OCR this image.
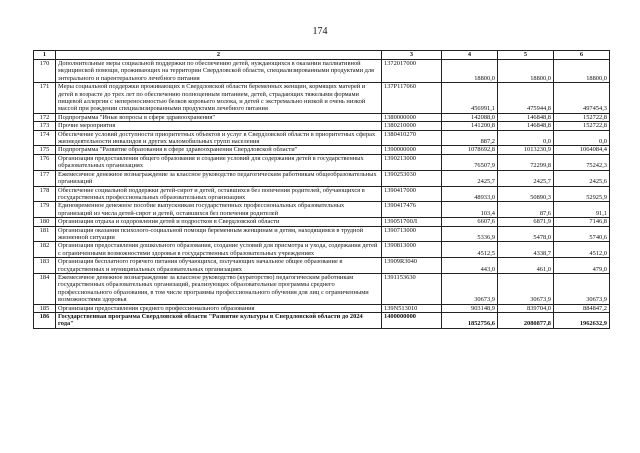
174
1	2	3	4	5	6
170	Дополнительные меры социальной поддержки по обеспечению детей, нуждающихся в оказании паллиативной медицинской помощи, проживающих на территории Свердловской области, специализированными продуктами для энтерального и парентерального лечебного питания	1372017000	18800,0	18800,0	18800,0
171	Меры социальной поддержки проживающих в Свердловской области беременных женщин, кормящих матерей и детей в возрасте до трех лет по обеспечению полноценным питанием, детей, страдающих тяжелыми формами пищевой аллергии с непереносимостью белков коровьего молока, и детей с экстремально низкой и очень низкой массой при рождении специализированными продуктами лечебного питания	137Р117060	456991,1	475944,8	497454,3
172	Подпрограмма "Иные вопросы в сфере здравоохранения"	1380000000	142088,0	146848,8	152722,8
173	Прочие мероприятия	1380210000	141200,8	146848,8	152722,8
174	Обеспечение условий доступности приоритетных объектов и услуг в Свердловской области в приоритетных сферах жизнедеятельности инвалидов и других маломобильных групп населения	1380410270	887,2	0,0	0,0
175	Подпрограмма "Развитие образования в сфере здравоохранения Свердловской области"	1390000000	1078692,8	1013230,9	1064084,4
176	Организация предоставления общего образования и создание условий для содержания детей в государственных образовательных организациях	1390213000	76507,9	72299,8	75242,3
177	Ежемесячное денежное вознаграждение за классное руководство педагогическим работникам общеобразовательных организаций	1390253030	2425,7	2425,7	2425,6
178	Обеспечение социальной поддержки детей-сирот и детей, оставшихся без попечения родителей, обучающихся в государственных профессиональных образовательных организациях	1390417000	48933,0	50890,3	52925,9
179	Единовременное денежное пособие выпускникам государственных профессиональных образовательных организаций из числа детей-сирот и детей, оставшихся без попечения родителей	1390417476	103,4	87,6	91,1
180	Организация отдыха и оздоровления детей и подростков в Свердловской области	139051700Л	6607,6	6871,9	7146,8
181	Организация оказания психолого-социальной помощи беременным женщинам и детям, находящимся в трудной жизненной ситуации	1390713000	5336,9	5478,0	5740,6
182	Организация предоставления дошкольного образования, создание условий для присмотра и ухода, содержания детей с ограниченными возможностями здоровья в государственных образовательных учреждениях	1390813000	4512,5	4338,7	4512,0
183	Организация бесплатного горячего питания обучающихся, получающих начальное общее образование в государственных и муниципальных образовательных организациях	13909R3040	443,0	461,0	479,0
184	Ежемесячное денежное вознаграждение за классное руководство (кураторство) педагогическим работникам государственных образовательных организаций, реализующих образовательные программы среднего профессионального образования, в том числе программы профессионального обучения для лиц с ограниченными возможностями здоровья	1391153630	30673,9	30673,9	30673,9
185	Организация предоставления среднего профессионального образования	139N513010	903148,9	839704,0	884847,2
186	Государственная программа Свердловской области "Развитие культуры в Свердловской области до 2024 года"	1400000000	1852756,6	2080877,8	1962632,9
